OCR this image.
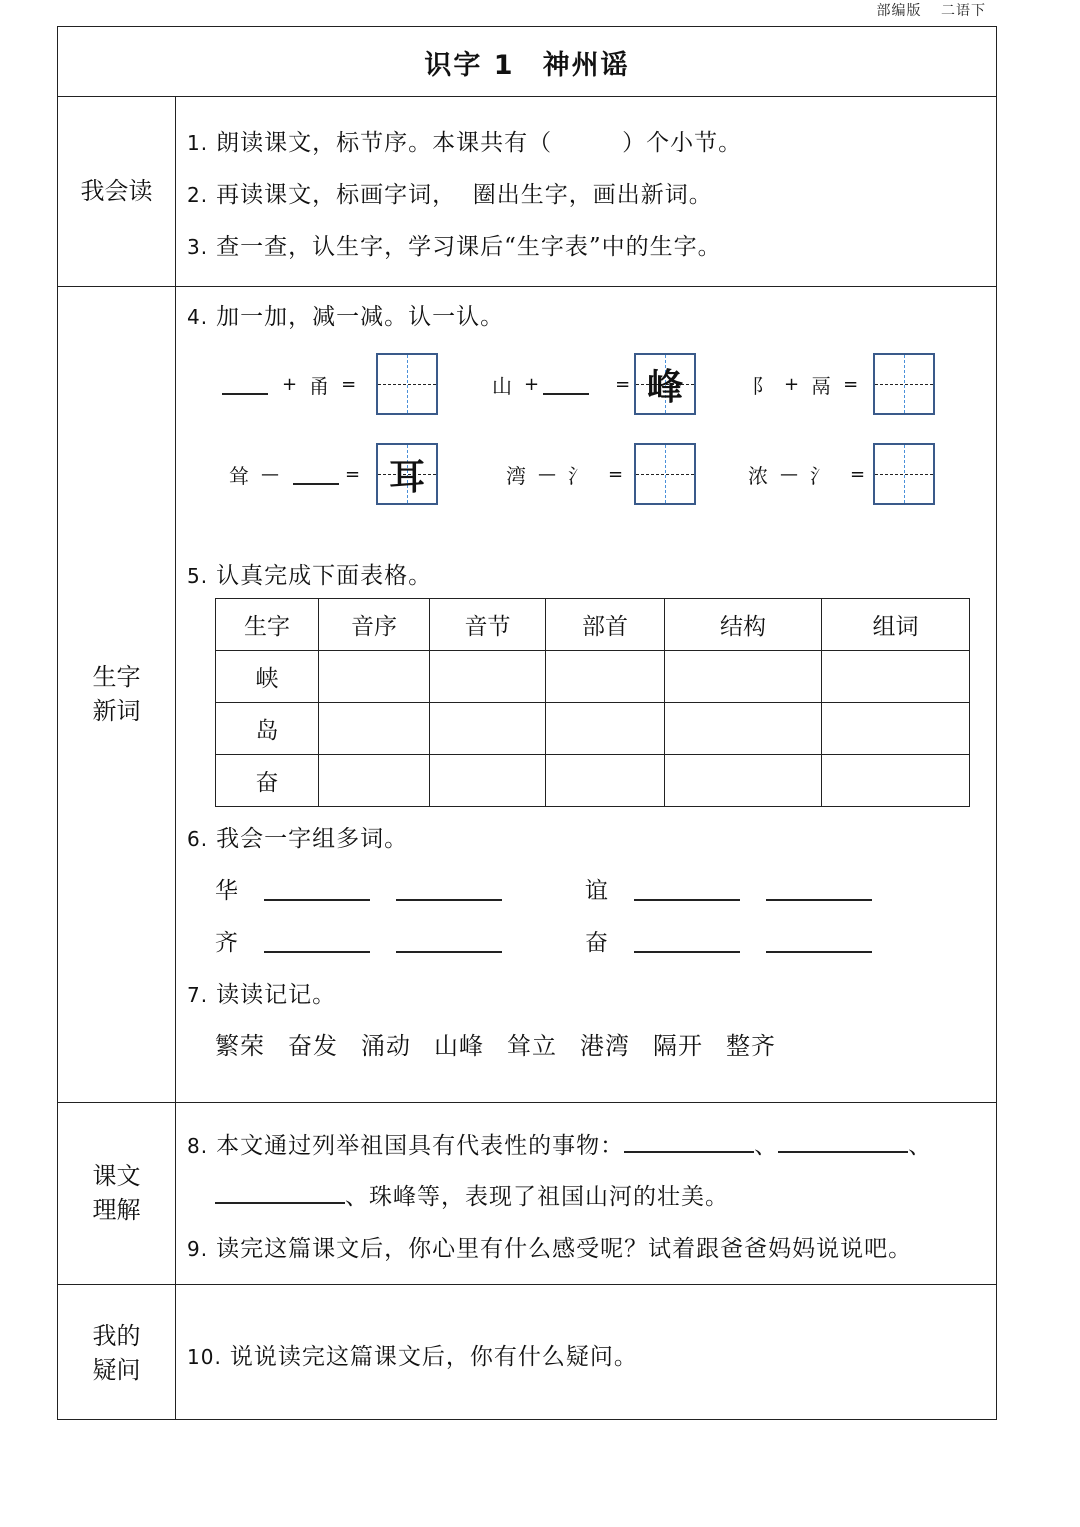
部编版 二语下
识字 1 神州谣
我会读
生字
新词
课文
理解
我的
疑问
1. 朗读课文，标节序。本课共有（	）个小节。
2. 再读课文，标画字词，  圈出生字，画出新词。
3. 查一查，认生字，学习课后“生字表”中的生字。
4. 加一加，减一减。认一认。
+ 甬 =	山 +	= 峰	阝 + 鬲 =
耸 —	= 耳	湾 — 氵 =	浓 — 氵 =
5. 认真完成下面表格。
生字	音序	音节	部首	结构	组词
峡					
岛					
奋					
6. 我会一字组多词。
华	谊
齐	奋
7. 读读记记。
繁荣 奋发 涌动 山峰 耸立 港湾 隔开 整齐
8. 本文通过列举祖国具有代表性的事物：	、	、
、珠峰等，表现了祖国山河的壮美。
9. 读完这篇课文后，你心里有什么感受呢？试着跟爸爸妈妈说说吧。
10. 说说读完这篇课文后，你有什么疑问。
